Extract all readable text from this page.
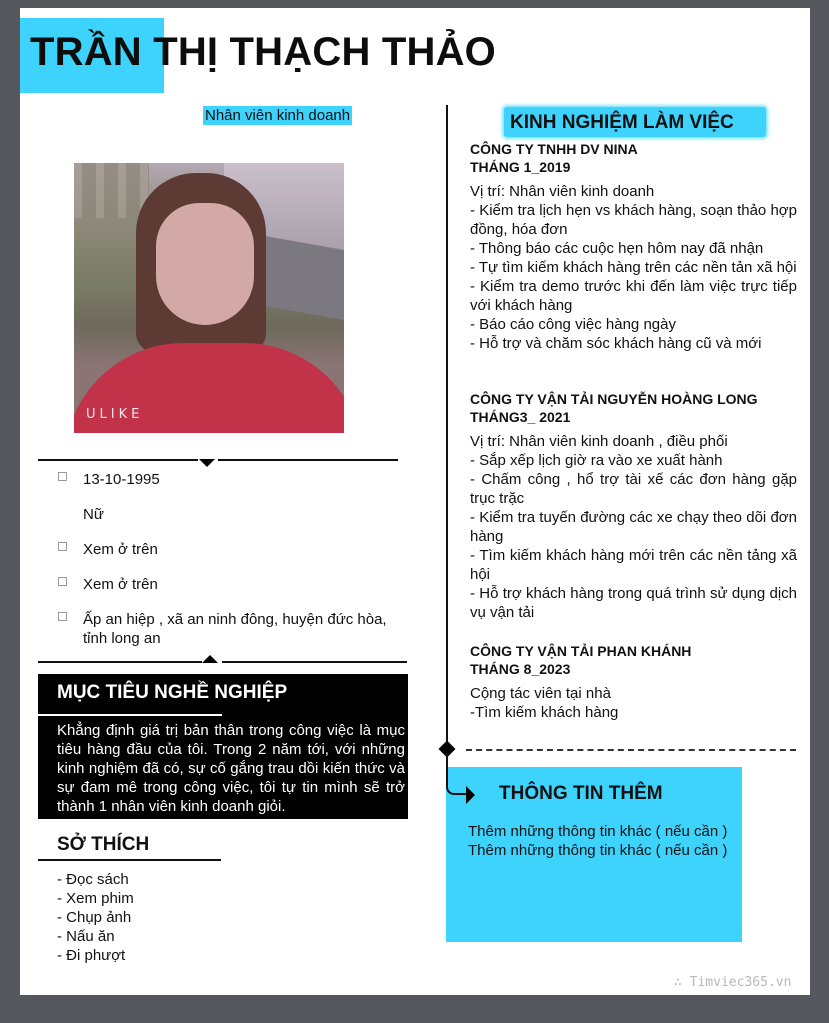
TRẦN THỊ THẠCH THẢO
Nhân viên kinh doanh
ULIKE
13-10-1995
Nữ
Xem ở trên
Xem ở trên
Ấp an hiệp , xã an ninh đông, huyện đức hòa, tỉnh long an
MỤC TIÊU NGHỀ NGHIỆP

Khẳng định giá trị bản thân trong công việc là mục tiêu hàng đầu của tôi. Trong 2 năm tới, với những kinh nghiệm đã có, sự cố gắng trau dồi kiến thức và sự đam mê trong công việc, tôi tự tin mình sẽ trở thành 1 nhân viên kinh doanh giỏi.

SỞ THÍCH
- Đọc sách
- Xem phim
- Chụp ảnh
- Nấu ăn
- Đi phượt
KINH NGHIỆM LÀM VIỆC
CÔNG TY TNHH DV NINA
THÁNG 1_2019
Vị trí: Nhân viên kinh doanh
- Kiểm tra lịch hẹn vs khách hàng, soạn thảo hợp đồng, hóa đơn
- Thông báo các cuộc hẹn hôm nay đã nhận
- Tự tìm kiếm khách hàng trên các nền tản xã hội
- Kiểm tra demo trước khi đến làm việc trực tiếp với khách hàng
- Báo cáo công việc hàng ngày
- Hỗ trợ và chăm sóc khách hàng cũ và mới
CÔNG TY VẬN TẢI NGUYỄN HOÀNG LONG
THÁNG3_ 2021
Vị trí: Nhân viên kinh doanh , điều phối
- Sắp xếp lịch giờ ra vào xe xuất hành
- Chấm công , hổ trợ tài xế các đơn hàng gặp trục trặc
- Kiểm tra tuyến đường các xe chạy theo dõi đơn hàng
- Tìm kiếm khách hàng mới trên các nền tảng xã hội
- Hỗ trợ khách hàng trong quá trình sử dụng dịch vụ vận tải
CÔNG TY VẬN TẢI PHAN KHÁNH
THÁNG 8_2023
Cộng tác viên tại nhà
-Tìm kiếm khách hàng
THÔNG TIN THÊM
Thêm những thông tin khác ( nếu cần )
Thêm những thông tin khác ( nếu cần )
∴ Timviec365.vn
